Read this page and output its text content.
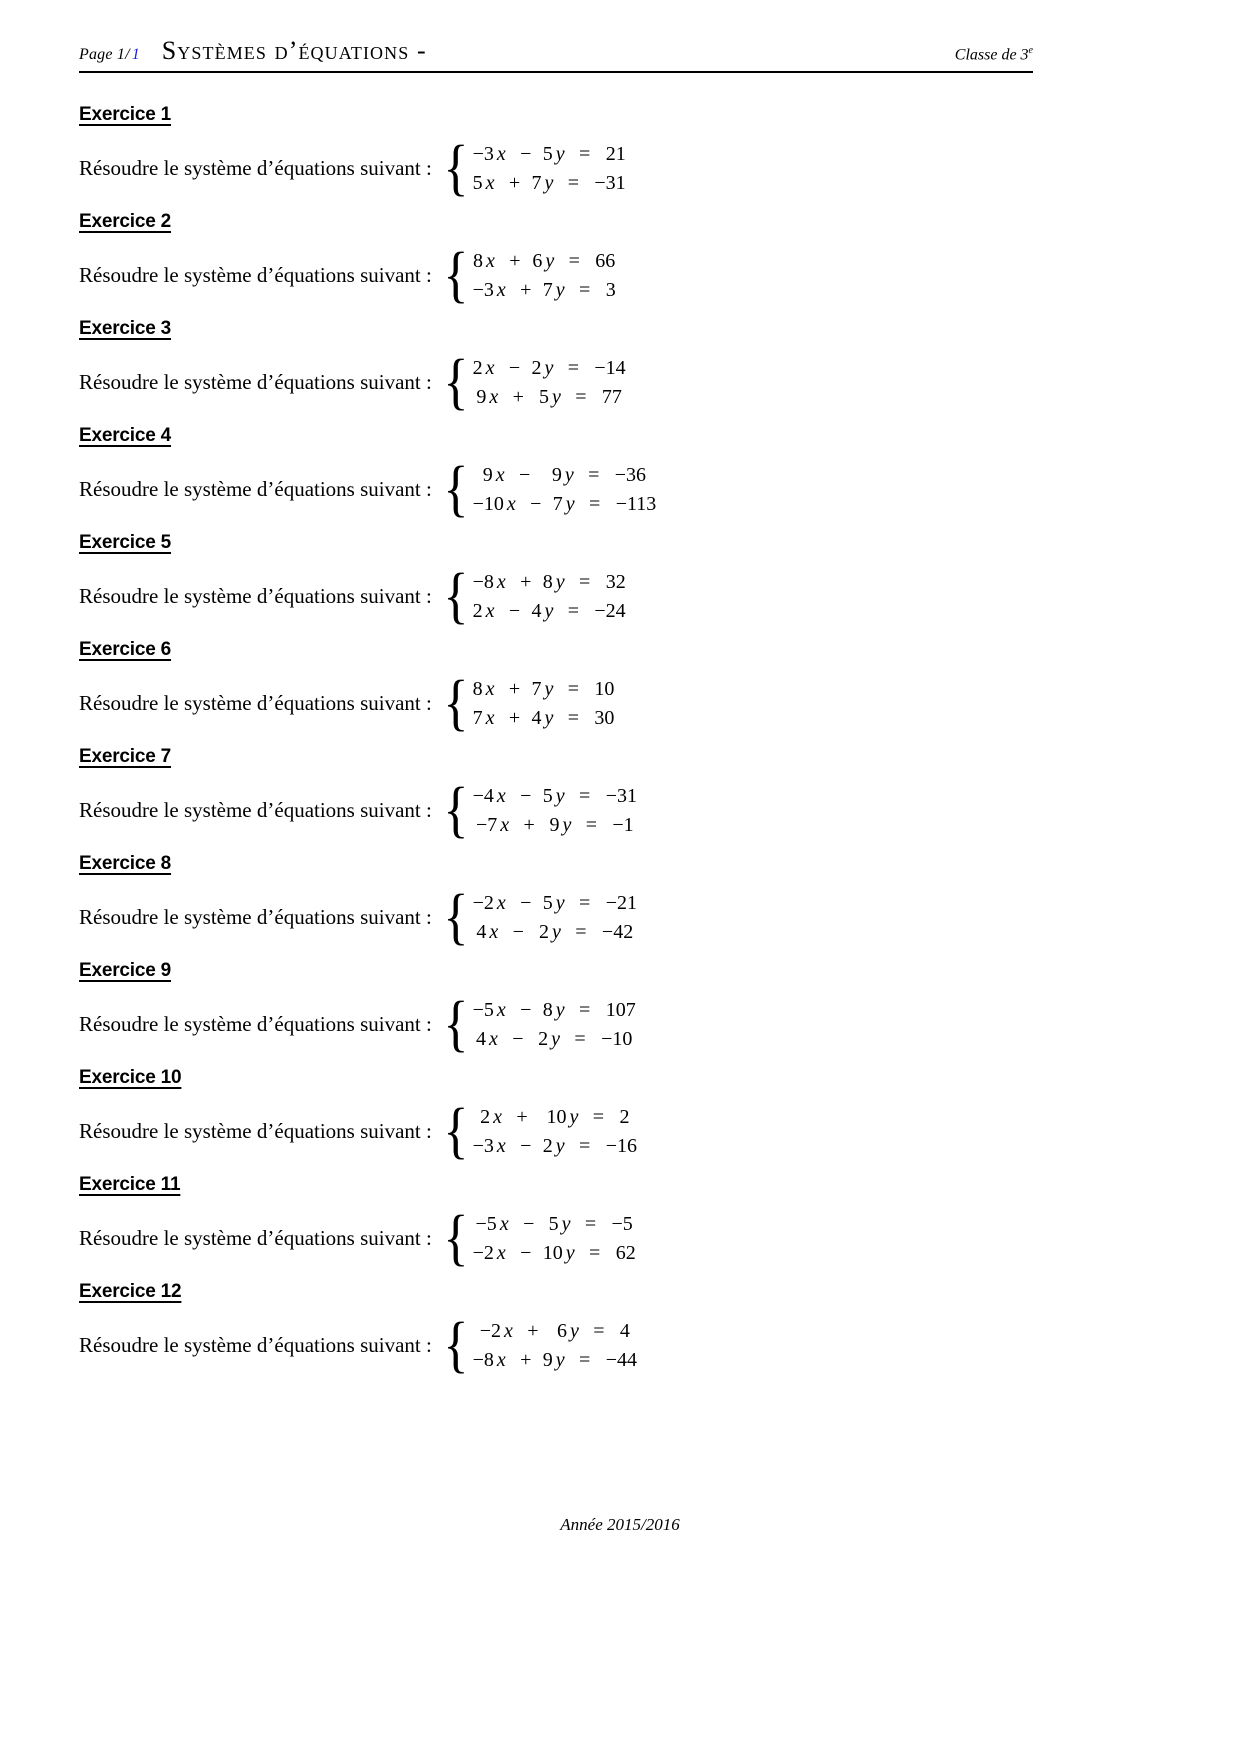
Page 1/ 1 Systèmes d’équations -	Classe de 3e
Exercice 1
Résoudre le système d’équations suivant : { −3 x − 5 y = 21
5 x + 7 y = −31
Exercice 2
Résoudre le système d’équations suivant : { 8 x + 6 y = 66
−3 x + 7 y = 3
Exercice 3
Résoudre le système d’équations suivant : { 2 x − 2 y = −14
9 x + 5 y = 77
Exercice 4
Résoudre le système d’équations suivant : { 9 x −	9 y = −36
−10 x − 7 y = −113
Exercice 5
Résoudre le système d’équations suivant : { −8 x + 8 y = 32
2 x − 4 y = −24
Exercice 6
Résoudre le système d’équations suivant : { 8 x + 7 y = 10
7 x + 4 y = 30
Exercice 7
Résoudre le système d’équations suivant : { −4 x − 5 y = −31
−7 x + 9 y = −1
Exercice 8
Résoudre le système d’équations suivant : { −2 x − 5 y = −21
4 x − 2 y = −42
Exercice 9
Résoudre le système d’équations suivant : { −5 x − 8 y = 107
4 x − 2 y = −10
Exercice 10
Résoudre le système d’équations suivant : { 2 x + 10 y = 2
−3 x − 2 y = −16
Exercice 11
Résoudre le système d’équations suivant : { −5 x − 5 y = −5
−2 x − 10 y = 62
Exercice 12
Résoudre le système d’équations suivant : { −2 x + 6 y = 4
−8 x + 9 y = −44
Année 2015/2016
